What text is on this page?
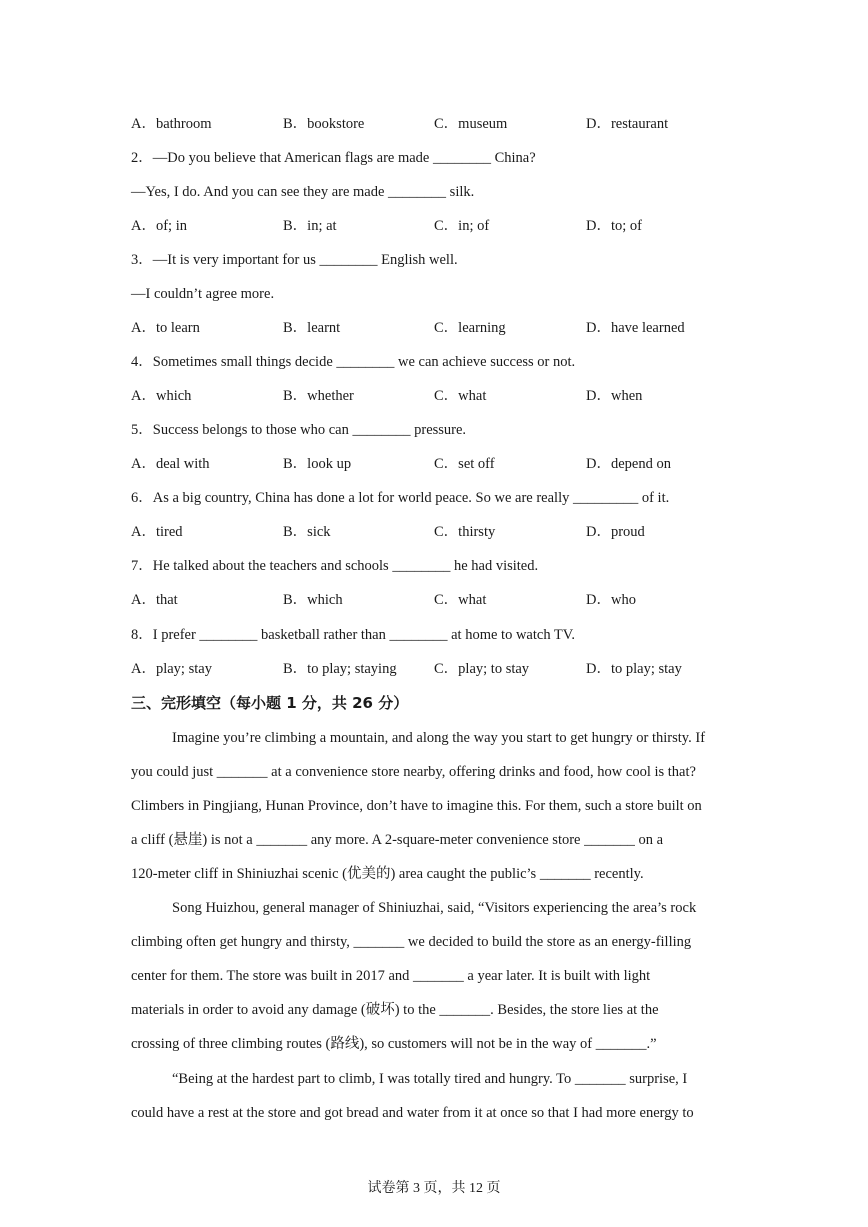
A．bathroom	B．bookstore	C．museum	D．restaurant
2．—Do you believe that American flags are made ________ China?
—Yes, I do. And you can see they are made ________ silk.
A．of; in	B．in; at	C．in; of	D．to; of
3．—It is very important for us ________ English well.
—I couldn’t agree more.
A．to learn	B．learnt	C．learning	D．have learned
4．Sometimes small things decide ________ we can achieve success or not.
A．which	B．whether	C．what	D．when
5．Success belongs to those who can ________ pressure.
A．deal with	B．look up	C．set off	D．depend on
6．As a big country, China has done a lot for world peace. So we are really _________ of it.
A．tired	B．sick	C．thirsty	D．proud
7．He talked about the teachers and schools ________ he had visited.
A．that	B．which	C．what	D．who
8．I prefer ________ basketball rather than ________ at home to watch TV.
A．play; stay	B．to play; staying	C．play; to stay	D．to play; stay
三、完形填空（每小题 1 分，共 26 分）
Imagine you’re climbing a mountain, and along the way you start to get hungry or thirsty. If
you could just _______ at a convenience store nearby, offering drinks and food, how cool is that?
Climbers in Pingjiang, Hunan Province, don’t have to imagine this. For them, such a store built on
a cliff (悬崖) is not a _______ any more. A 2-square-meter convenience store _______ on a
120-meter cliff in Shiniuzhai scenic (优美的) area caught the public’s _______ recently.
Song Huizhou, general manager of Shiniuzhai, said, “Visitors experiencing the area’s rock
climbing often get hungry and thirsty, _______ we decided to build the store as an energy-filling
center for them. The store was built in 2017 and _______ a year later. It is built with light
materials in order to avoid any damage (破坏) to the _______. Besides, the store lies at the
crossing of three climbing routes (路线), so customers will not be in the way of _______.”
“Being at the hardest part to climb, I was totally tired and hungry. To _______ surprise, I
could have a rest at the store and got bread and water from it at once so that I had more energy to
试卷第 3 页，共 12 页
